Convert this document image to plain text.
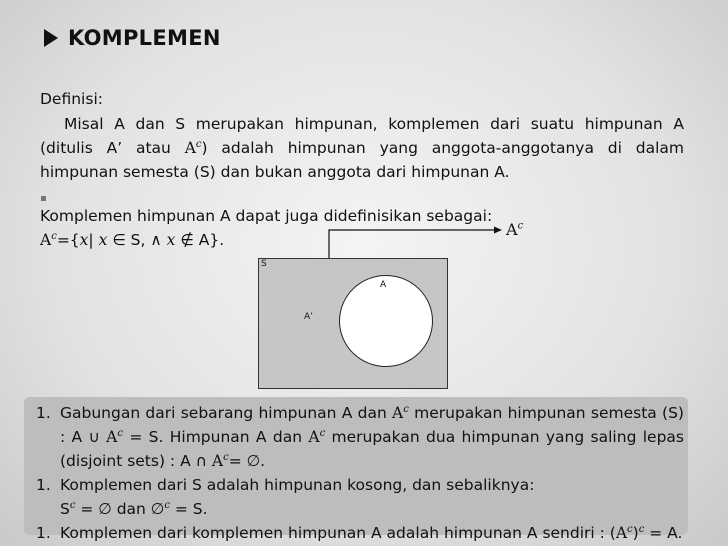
KOMPLEMEN
Definisi:
Misal A dan S merupakan himpunan, komplemen dari suatu himpunan A (ditulis A’ atau $A^c$) adalah himpunan yang anggota-anggotanya di dalam himpunan semesta (S) dan bukan anggota dari himpunan A.
Komplemen himpunan A dapat juga didefinisikan sebagai:
$A^c=\{x|$ x ∈ S, ∧ x ∉ A}.
$A^c$
S
A
A’
1. Gabungan dari sebarang himpunan A dan $A^c$ merupakan himpunan semesta (S) : A ∪ $A^c = S$. Himpunan A dan $A^c$ merupakan dua himpunan yang saling lepas (disjoint sets) : A ∩ $A^c=$ ∅.
1. Komplemen dari S adalah himpunan kosong, dan sebaliknya:
$S^c$ = ∅ dan ∅$^c$ = S.
1. Komplemen dari komplemen himpunan A adalah himpunan A sendiri : $(A^c)^c = A$.
